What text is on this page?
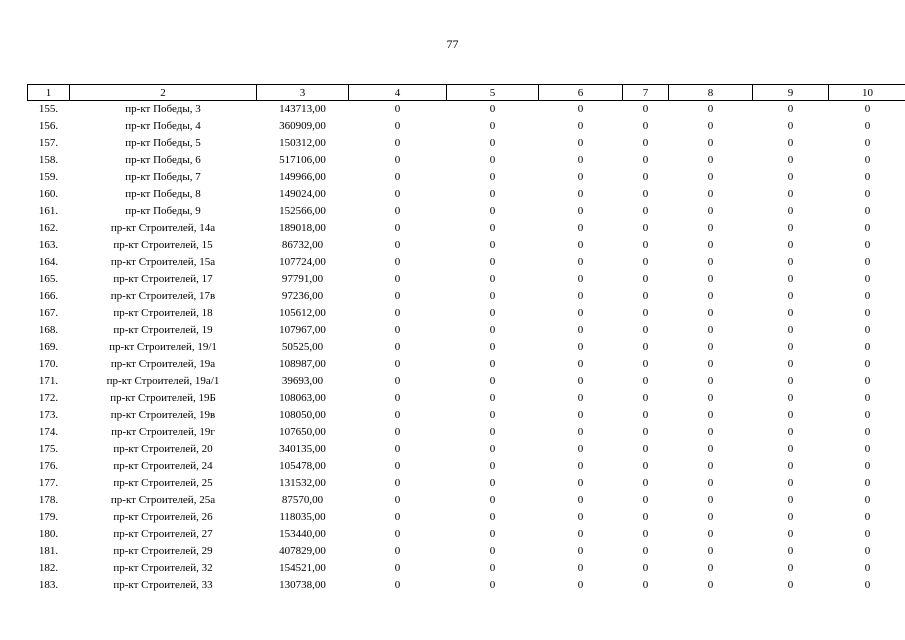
77
1	2	3	4	5	6	7	8	9	10
155.	пр-кт Победы, 3	143713,00	0	0	0	0	0	0	0
156.	пр-кт Победы, 4	360909,00	0	0	0	0	0	0	0
157.	пр-кт Победы, 5	150312,00	0	0	0	0	0	0	0
158.	пр-кт Победы, 6	517106,00	0	0	0	0	0	0	0
159.	пр-кт Победы, 7	149966,00	0	0	0	0	0	0	0
160.	пр-кт Победы, 8	149024,00	0	0	0	0	0	0	0
161.	пр-кт Победы, 9	152566,00	0	0	0	0	0	0	0
162.	пр-кт Строителей, 14а	189018,00	0	0	0	0	0	0	0
163.	пр-кт Строителей, 15	86732,00	0	0	0	0	0	0	0
164.	пр-кт Строителей, 15а	107724,00	0	0	0	0	0	0	0
165.	пр-кт Строителей, 17	97791,00	0	0	0	0	0	0	0
166.	пр-кт Строителей, 17в	97236,00	0	0	0	0	0	0	0
167.	пр-кт Строителей, 18	105612,00	0	0	0	0	0	0	0
168.	пр-кт Строителей, 19	107967,00	0	0	0	0	0	0	0
169.	пр-кт Строителей, 19/1	50525,00	0	0	0	0	0	0	0
170.	пр-кт Строителей, 19а	108987,00	0	0	0	0	0	0	0
171.	пр-кт Строителей, 19а/1	39693,00	0	0	0	0	0	0	0
172.	пр-кт Строителей, 19Б	108063,00	0	0	0	0	0	0	0
173.	пр-кт Строителей, 19в	108050,00	0	0	0	0	0	0	0
174.	пр-кт Строителей, 19г	107650,00	0	0	0	0	0	0	0
175.	пр-кт Строителей, 20	340135,00	0	0	0	0	0	0	0
176.	пр-кт Строителей, 24	105478,00	0	0	0	0	0	0	0
177.	пр-кт Строителей, 25	131532,00	0	0	0	0	0	0	0
178.	пр-кт Строителей, 25а	87570,00	0	0	0	0	0	0	0
179.	пр-кт Строителей, 26	118035,00	0	0	0	0	0	0	0
180.	пр-кт Строителей, 27	153440,00	0	0	0	0	0	0	0
181.	пр-кт Строителей, 29	407829,00	0	0	0	0	0	0	0
182.	пр-кт Строителей, 32	154521,00	0	0	0	0	0	0	0
183.	пр-кт Строителей, 33	130738,00	0	0	0	0	0	0	0
